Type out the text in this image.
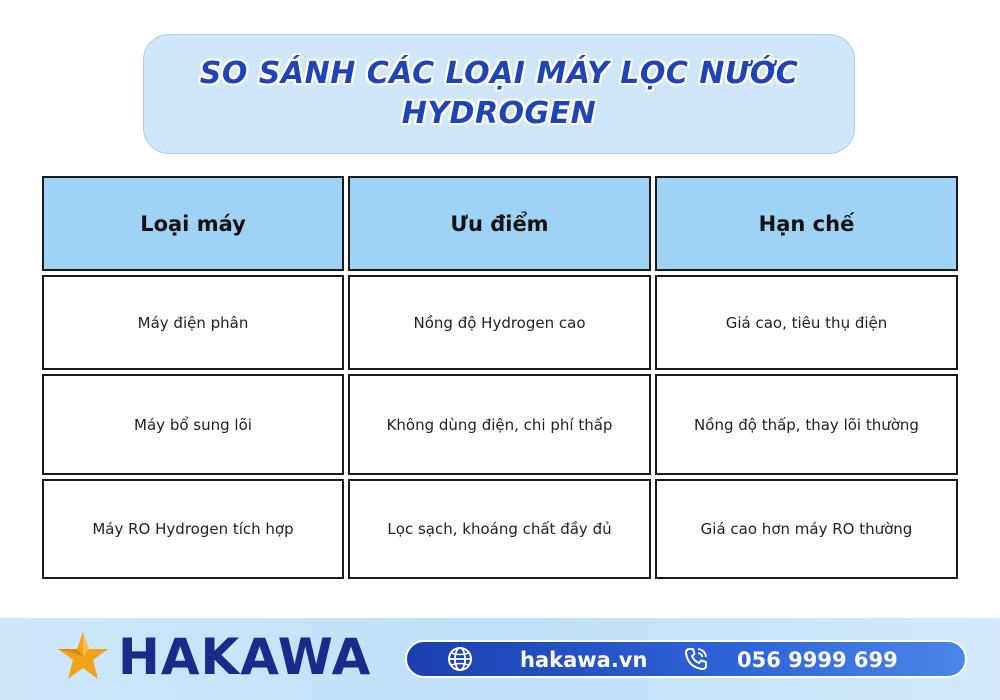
SO SÁNH CÁC LOẠI MÁY LỌC NƯỚC
HYDROGEN
Loại máy	Ưu điểm	Hạn chế
Máy điện phân	Nồng độ Hydrogen cao	Giá cao, tiêu thụ điện
Máy bổ sung lõi	Không dùng điện, chi phí thấp	Nồng độ thấp, thay lõi thường
Máy RO Hydrogen tích hợp	Lọc sạch, khoáng chất đầy đủ	Giá cao hơn máy RO thường
HAKAWA	hakawa.vn	056 9999 699
